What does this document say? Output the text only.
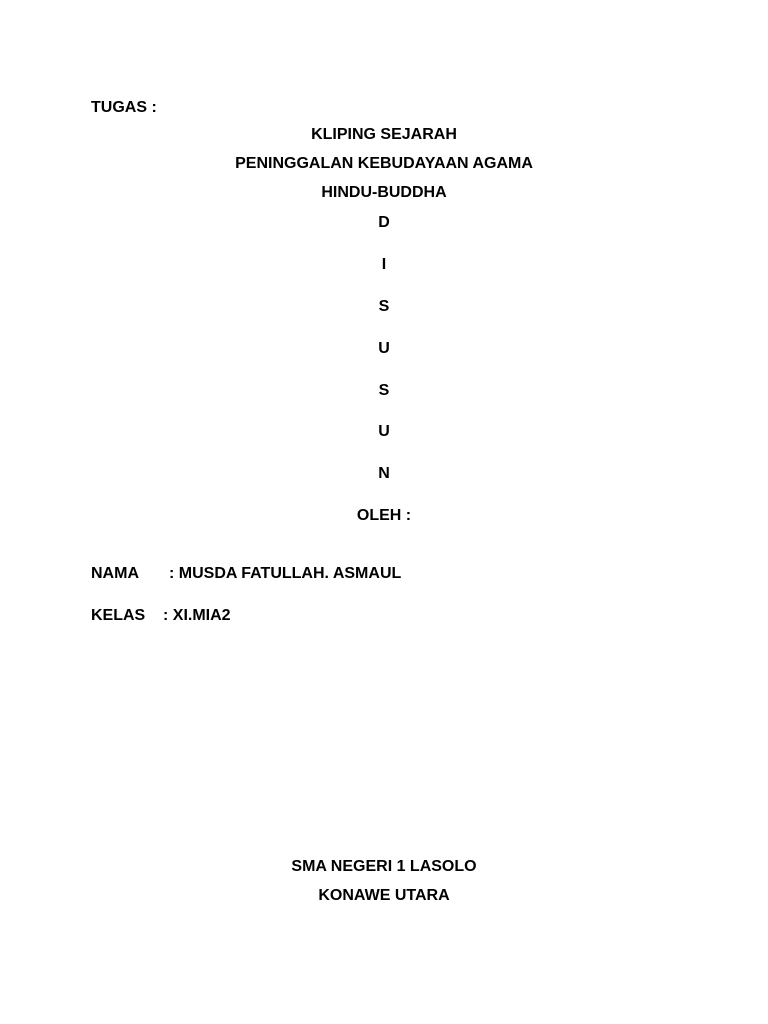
TUGAS :
KLIPING SEJARAH
PENINGGALAN KEBUDAYAAN AGAMA
HINDU-BUDDHA
D
I
S
U
S
U
N
OLEH :
NAMA : MUSDA FATULLAH. ASMAUL
KELAS : XI.MIA2
SMA NEGERI 1 LASOLO
KONAWE UTARA
